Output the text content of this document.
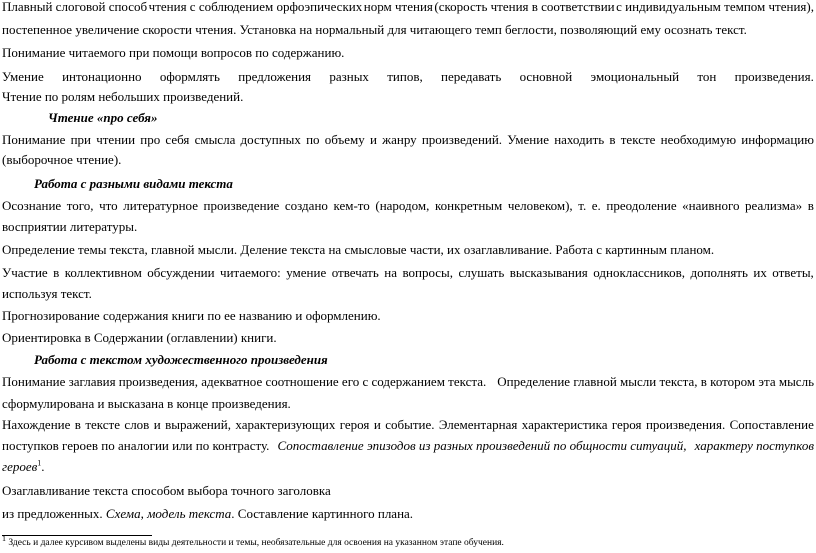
Плавный слоговой способ чтения с соблюдением орфоэпических норм чтения (скорость чтения в соответствии с индивидуальным темпом чтения),
постепенное увеличение скорости чтения. Установка на нормальный для читающего темп беглости, позволяющий ему осознать текст.
Понимание читаемого при помощи вопросов по содержанию.
Умение интонационно оформлять предложения разных типов, передавать основной эмоциональный тон произведения.
Чтение по ролям небольших произведений.
Чтение «про себя»
Понимание при чтении про себя смысла доступных по объему и жанру произведений. Умение находить в тексте необходимую информацию
(выборочное чтение).
Работа с разными видами текста
Осознание того, что литературное произведение создано кем-то (народом, конкретным человеком), т. е. преодоление «наивного реализма» в
восприятии литературы.
Определение темы текста, главной мысли. Деление текста на смысловые части, их озаглавливание. Работа с картинным планом.
Участие в коллективном обсуждении читаемого: умение отвечать на вопросы, слушать высказывания одноклассников, дополнять их ответы,
используя текст.
Прогнозирование содержания книги по ее названию и оформлению.
Ориентировка в Содержании (оглавлении) книги.
Работа с текстом художественного произведения
Понимание заглавия произведения, адекватное соотношение его с содержанием текста. Определение главной мысли текста, в котором эта мысль
сформулирована и высказана в конце произведения.
Нахождение в тексте слов и выражений, характеризующих героя и событие. Элементарная характеристика героя произведения. Сопоставление
поступков героев по аналогии или по контрасту. Сопоставление эпизодов из разных произведений по общности ситуаций, характеру поступков
героев$^1$.
Озаглавливание текста способом выбора точного заголовка
из предложенных. Схема, модель текста. Составление картинного плана.
$^1$ Здесь и далее курсивом выделены виды деятельности и темы, необязательные для освоения на указанном этапе обучения.
